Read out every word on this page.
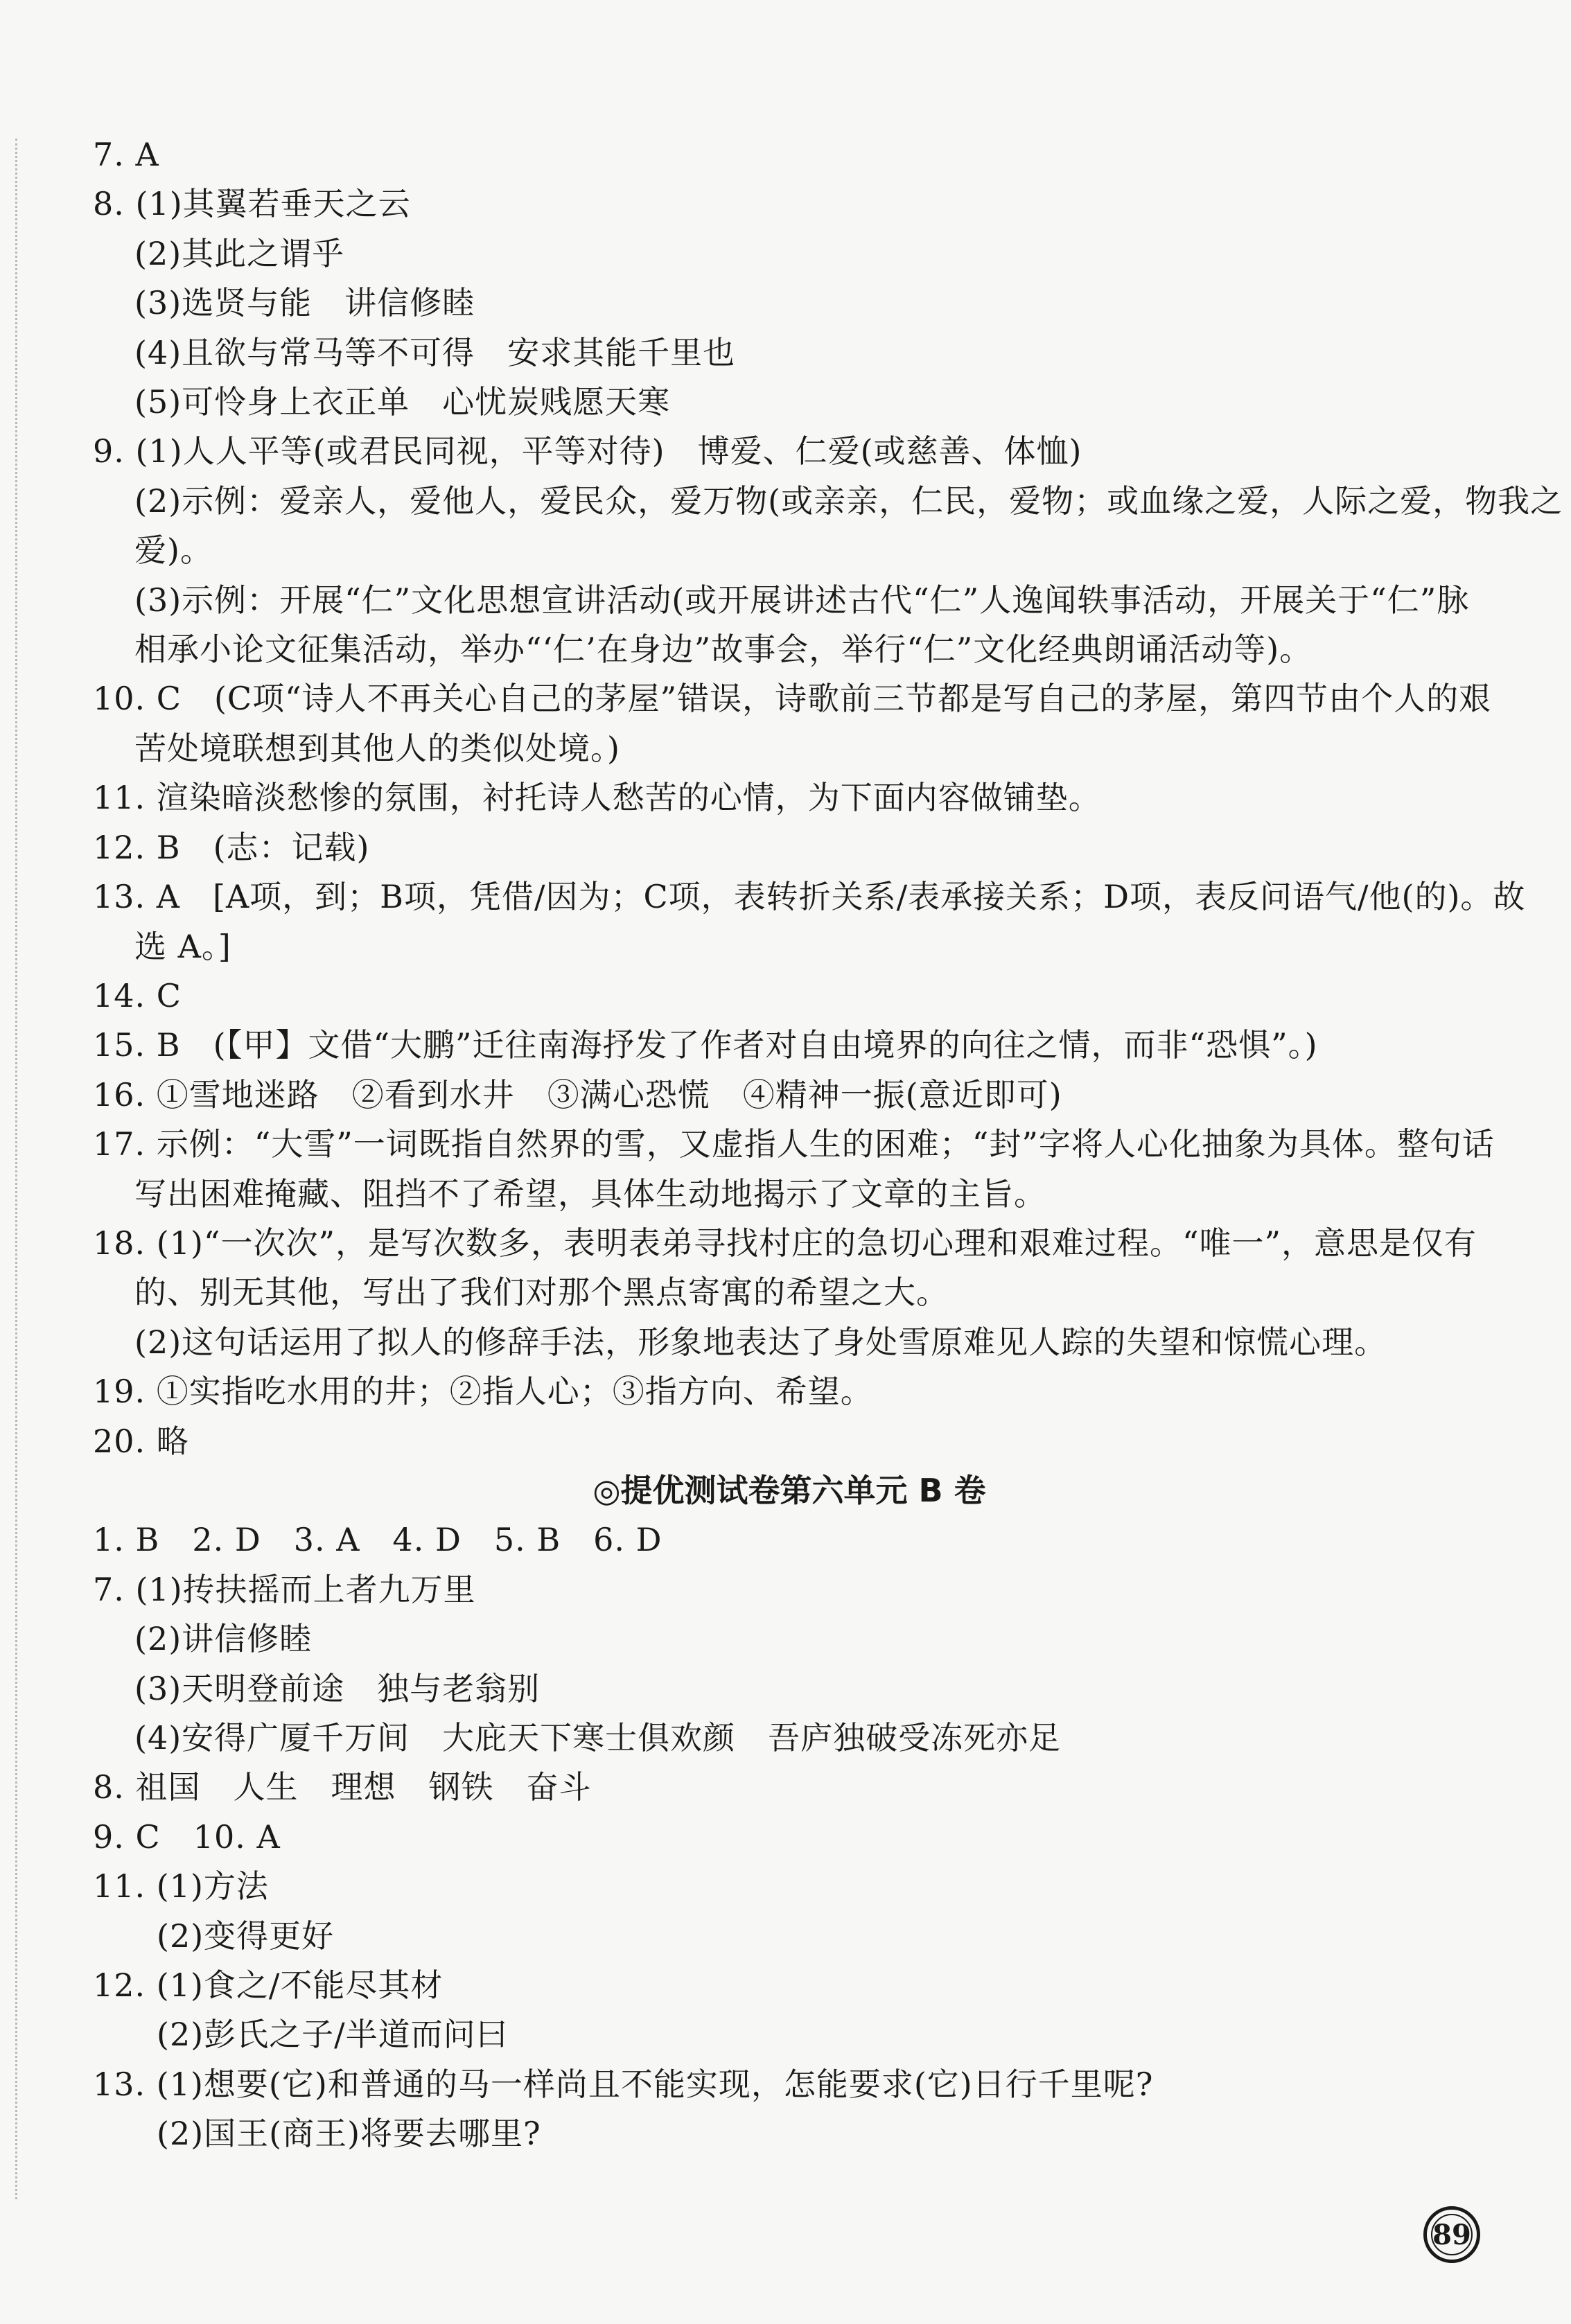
7. A
8. (1)其翼若垂天之云
(2)其此之谓乎
(3)选贤与能　讲信修睦
(4)且欲与常马等不可得　安求其能千里也
(5)可怜身上衣正单　心忧炭贱愿天寒
9. (1)人人平等(或君民同视，平等对待)　博爱、仁爱(或慈善、体恤)
(2)示例：爱亲人，爱他人，爱民众，爱万物(或亲亲，仁民，爱物；或血缘之爱，人际之爱，物我之
爱)。
(3)示例：开展“仁”文化思想宣讲活动(或开展讲述古代“仁”人逸闻轶事活动，开展关于“仁”脉
相承小论文征集活动，举办“‘仁’在身边”故事会，举行“仁”文化经典朗诵活动等)。
10. C　(C项“诗人不再关心自己的茅屋”错误，诗歌前三节都是写自己的茅屋，第四节由个人的艰
苦处境联想到其他人的类似处境。)
11. 渲染暗淡愁惨的氛围，衬托诗人愁苦的心情，为下面内容做铺垫。
12. B　(志：记载)
13. A　[A项，到；B项，凭借/因为；C项，表转折关系/表承接关系；D项，表反问语气/他(的)。故
选 A。]
14. C
15. B　(【甲】文借“大鹏”迁往南海抒发了作者对自由境界的向往之情，而非“恐惧”。)
16. ①雪地迷路　②看到水井　③满心恐慌　④精神一振(意近即可)
17. 示例：“大雪”一词既指自然界的雪，又虚指人生的困难；“封”字将人心化抽象为具体。整句话
写出困难掩藏、阻挡不了希望，具体生动地揭示了文章的主旨。
18. (1)“一次次”，是写次数多，表明表弟寻找村庄的急切心理和艰难过程。“唯一”，意思是仅有
的、别无其他，写出了我们对那个黑点寄寓的希望之大。
(2)这句话运用了拟人的修辞手法，形象地表达了身处雪原难见人踪的失望和惊慌心理。
19. ①实指吃水用的井；②指人心；③指方向、希望。
20. 略
◎提优测试卷第六单元 B 卷
1. B　2. D　3. A　4. D　5. B　6. D
7. (1)抟扶摇而上者九万里
(2)讲信修睦
(3)天明登前途　独与老翁别
(4)安得广厦千万间　大庇天下寒士俱欢颜　吾庐独破受冻死亦足
8. 祖国　人生　理想　钢铁　奋斗
9. C　10. A
11. (1)方法
(2)变得更好
12. (1)食之/不能尽其材
(2)彭氏之子/半道而问曰
13. (1)想要(它)和普通的马一样尚且不能实现，怎能要求(它)日行千里呢?
(2)国王(商王)将要去哪里?
89
